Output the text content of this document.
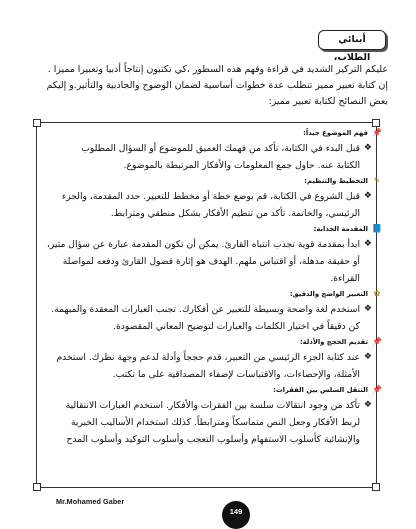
أبنائي الطلاب،

عليكم التركيز الشديد في قراءة وفهم هذه السطور ،كي تكتبون إنتاجاً أدبيا وتعبيرا مميزا .

إن كتابة تعبير مميز تتطلب عدة خطوات أساسية لضمان الوضوح والجاذبية والتأثير.و إليكم

بعض النصائح لكتابة تعبير مميز:

📌
فهم الموضوع جيداً:
❖
قبل البدء في الكتابة، تأكد من فهمك العميق للموضوع أو السؤال المطلوب
الكتابة عنه. حاول جمع المعلومات والأفكار المرتبطة بالموضوع.
✎
التخطيط والتنظيم:
❖
قبل الشروع في الكتابة، قم بوضع خطة أو مخطط للتعبير. حدد المقدمة، والجزء
الرئيسي، والخاتمة. تأكد من تنظيم الأفكار بشكل منطقي ومترابط.
📘
المقدمة الجذابة:
❖
ابدأ بمقدمة قوية تجذب انتباه القارئ. يمكن أن تكون المقدمة عبارة عن سؤال مثير،
أو حقيقة مذهلة، أو اقتباس ملهم. الهدف هو إثارة فضول القارئ ودفعه لمواصلة
القراءة.
✿
التعبير الواضح والدقيق:
❖
استخدم لغة واضحة وبسيطة للتعبير عن أفكارك. تجنب العبارات المعقدة والمبهمة.
كن دقيقاً في اختيار الكلمات والعبارات لتوضيح المعاني المقصودة.
📌
تقديم الحجج والأدلة:
❖
عند كتابة الجزء الرئيسي من التعبير، قدم حججاً وأدلة لدعم وجهة نظرك. استخدم
الأمثلة، والإحصاءات، والاقتباسات لإضفاء المصداقية على ما تكتب.
📌
التنقل السلس بين الفقرات:
❖
تأكد من وجود انتقالات سلسة بين الفقرات والأفكار. استخدم العبارات الانتقالية
لربط الأفكار وجعل النص متماسكاً ومترابطاً. كذلك استخدام الأساليب الخبرية
والإنشائية كأسلوب الاستفهام وأسلوب التعجب وأسلوب التوكيد وأسلوب المدح
Mr.Mohamed Gaber
149
